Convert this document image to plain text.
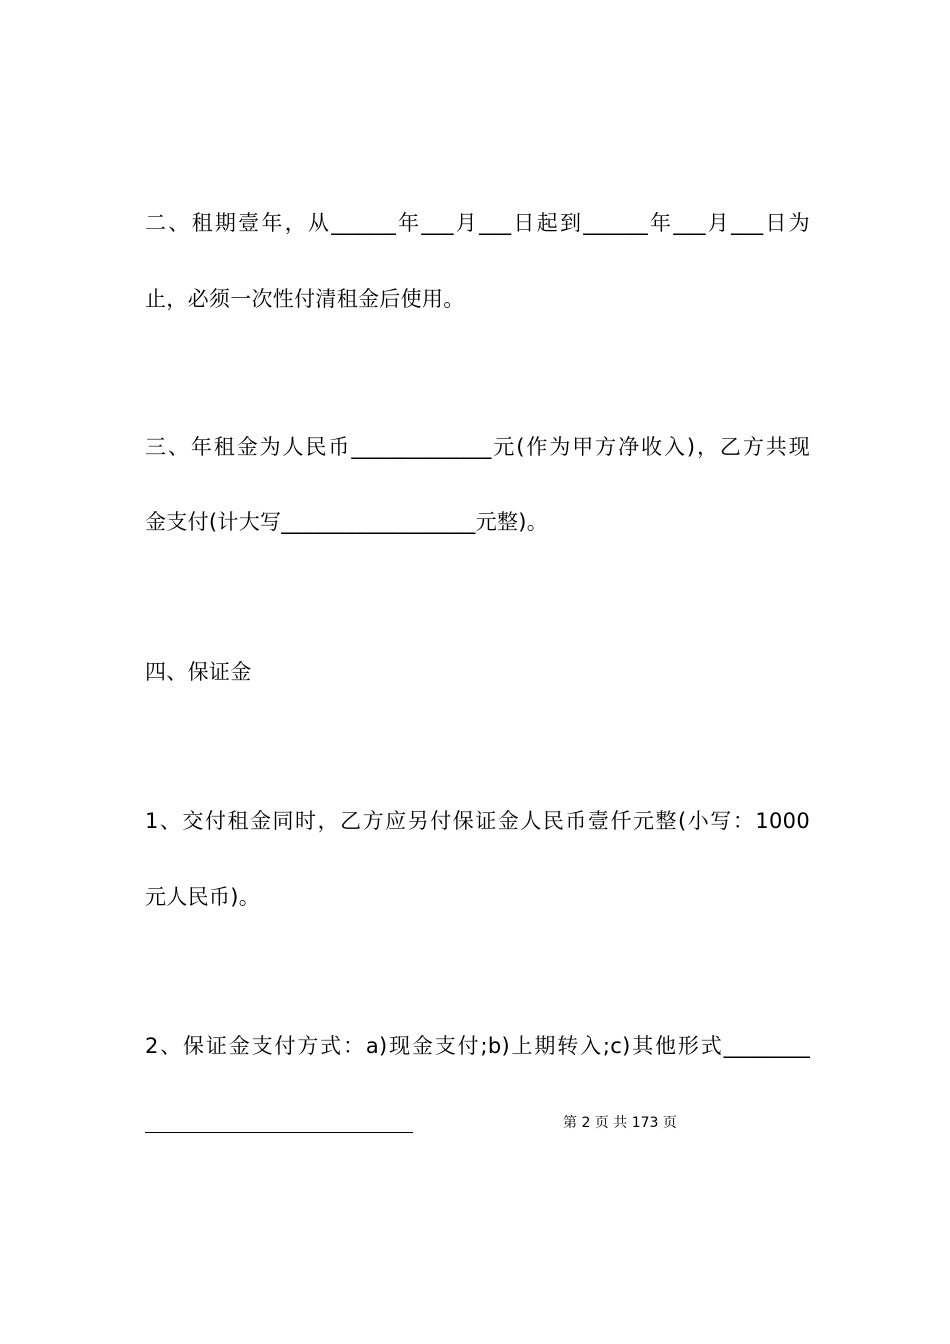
二、租期壹年，从______年___月___日起到______年___月___日为
止，必须一次性付清租金后使用。
三、年租金为人民币_____________元(作为甲方净收入)，乙方共现
金支付(计大写__________________元整)。
四、保证金
1、交付租金同时，乙方应另付保证金人民币壹仟元整(小写：1000
元人民币)。
2、保证金支付方式：a)现金支付;b)上期转入;c)其他形式________
第 2 页 共 173 页
